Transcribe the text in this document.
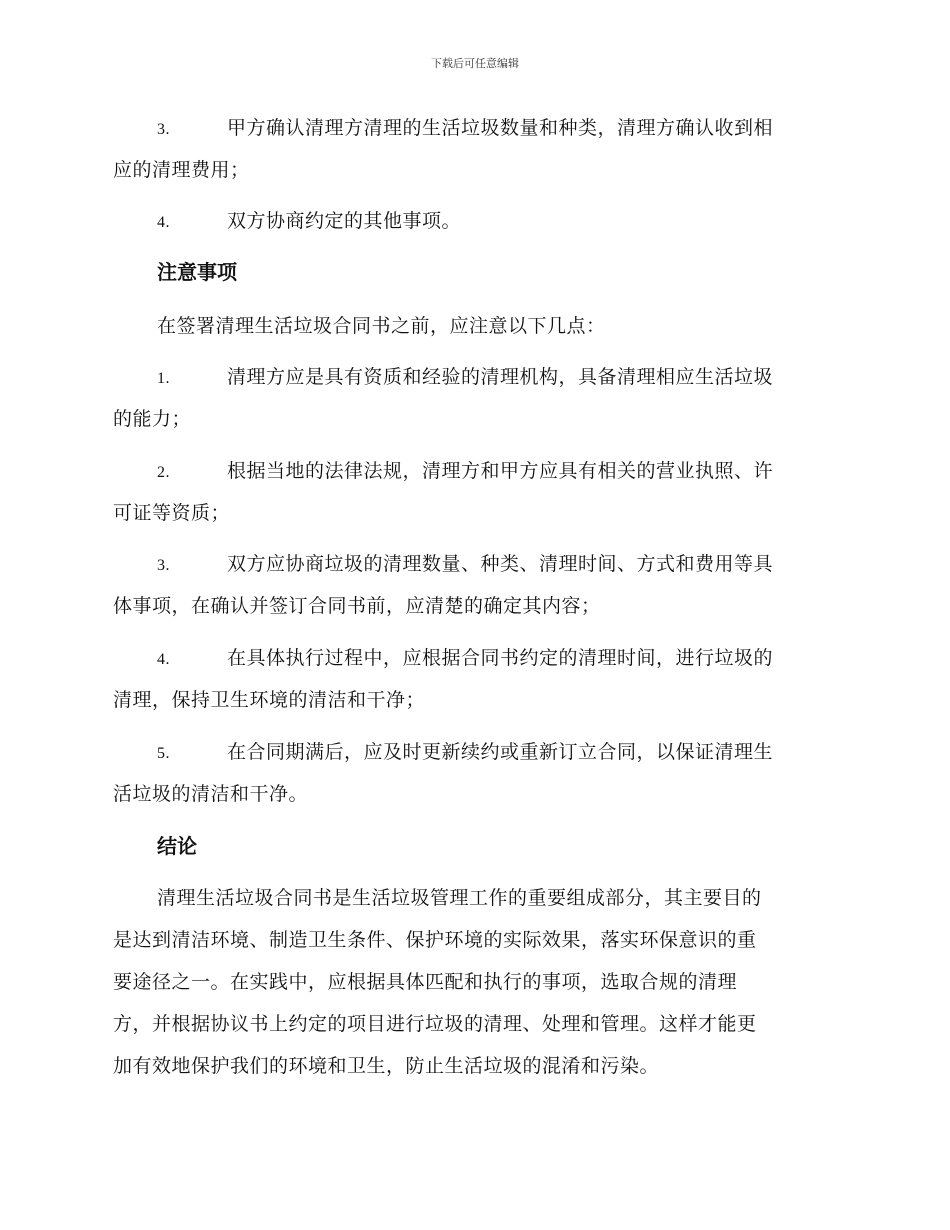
下载后可任意编辑
3.	甲方确认清理方清理的生活垃圾数量和种类，清理方确认收到相
应的清理费用；
4.	双方协商约定的其他事项。
注意事项
在签署清理生活垃圾合同书之前，应注意以下几点：
1.	清理方应是具有资质和经验的清理机构，具备清理相应生活垃圾
的能力；
2.	根据当地的法律法规，清理方和甲方应具有相关的营业执照、许
可证等资质；
3.	双方应协商垃圾的清理数量、种类、清理时间、方式和费用等具
体事项，在确认并签订合同书前，应清楚的确定其内容；
4.	在具体执行过程中，应根据合同书约定的清理时间，进行垃圾的
清理，保持卫生环境的清洁和干净；
5.	在合同期满后，应及时更新续约或重新订立合同，以保证清理生
活垃圾的清洁和干净。
结论
清理生活垃圾合同书是生活垃圾管理工作的重要组成部分，其主要目的
是达到清洁环境、制造卫生条件、保护环境的实际效果，落实环保意识的重
要途径之一。在实践中，应根据具体匹配和执行的事项，选取合规的清理
方，并根据协议书上约定的项目进行垃圾的清理、处理和管理。这样才能更
加有效地保护我们的环境和卫生，防止生活垃圾的混淆和污染。
